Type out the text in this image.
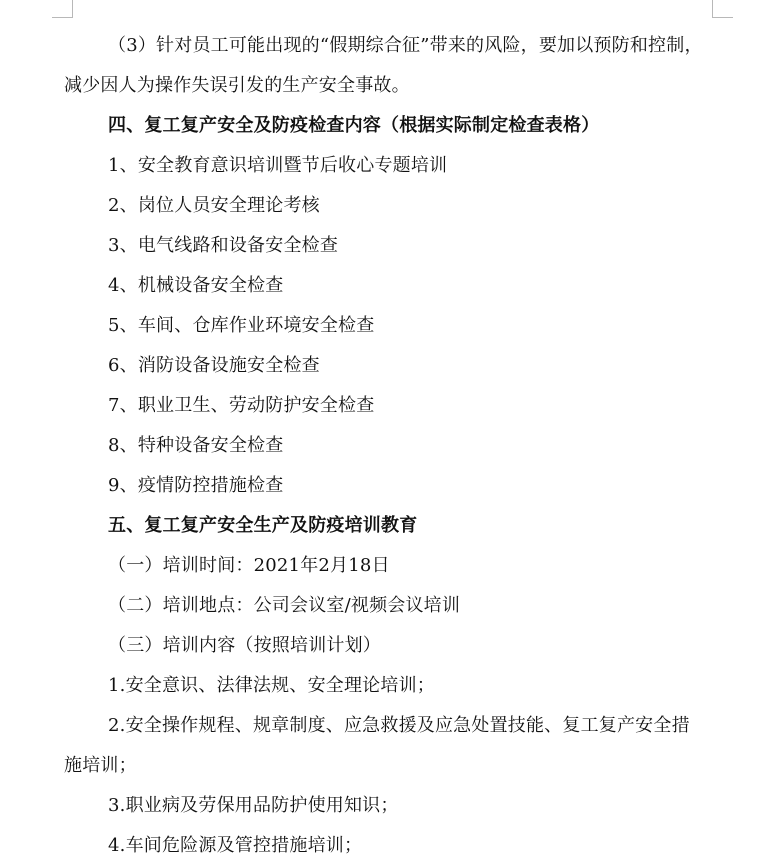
（3）针对员工可能出现的“假期综合征”带来的风险，要加以预防和控制，
减少因人为操作失误引发的生产安全事故。
四、复工复产安全及防疫检查内容（根据实际制定检查表格）
1、安全教育意识培训暨节后收心专题培训
2、岗位人员安全理论考核
3、电气线路和设备安全检查
4、机械设备安全检查
5、车间、仓库作业环境安全检查
6、消防设备设施安全检查
7、职业卫生、劳动防护安全检查
8、特种设备安全检查
9、疫情防控措施检查
五、复工复产安全生产及防疫培训教育
（一）培训时间：2021年2月18日
（二）培训地点：公司会议室/视频会议培训
（三）培训内容（按照培训计划）
1.安全意识、法律法规、安全理论培训；
2.安全操作规程、规章制度、应急救援及应急处置技能、复工复产安全措
施培训；
3.职业病及劳保用品防护使用知识；
4.车间危险源及管控措施培训；
